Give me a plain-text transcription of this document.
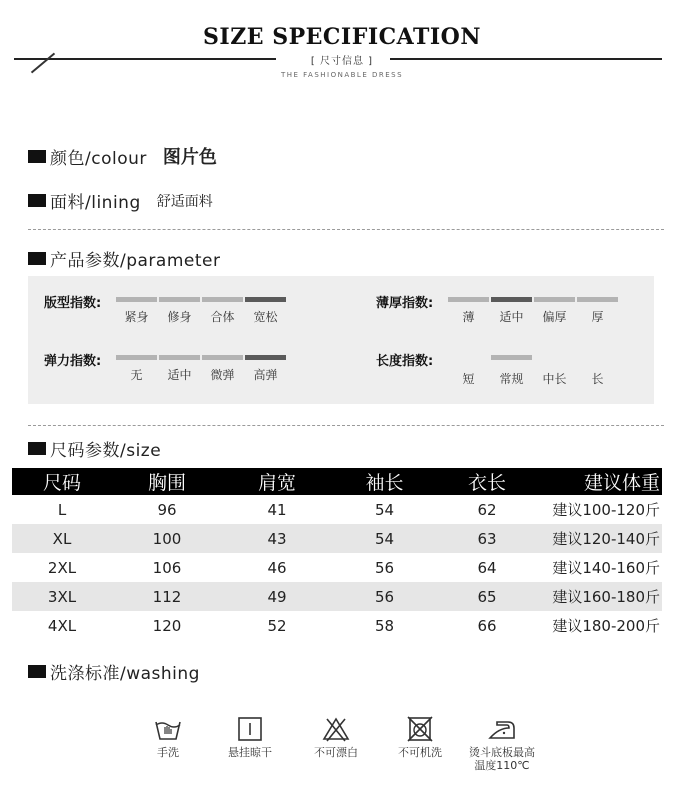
SIZE SPECIFICATION
[ 尺寸信息 ]
THE FASHIONABLE DRESS
颜色/colour 图片色
面料/lining 舒适面料
产品参数/parameter
版型指数:
紧身	修身	合体	宽松
薄厚指数:
薄	适中	偏厚	厚
弹力指数:
无	适中	微弹	高弹
长度指数:
短	常规	中长	长
尺码参数/size
尺码	胸围	肩宽	袖长	衣长	建议体重
L	96	41	54	62	建议100-120斤
XL	100	43	54	63	建议120-140斤
2XL	106	46	56	64	建议140-160斤
3XL	112	49	56	65	建议160-180斤
4XL	120	52	58	66	建议180-200斤
洗涤标准/washing
手洗	悬挂晾干	不可漂白	不可机洗	烫斗底板最高
温度110℃
